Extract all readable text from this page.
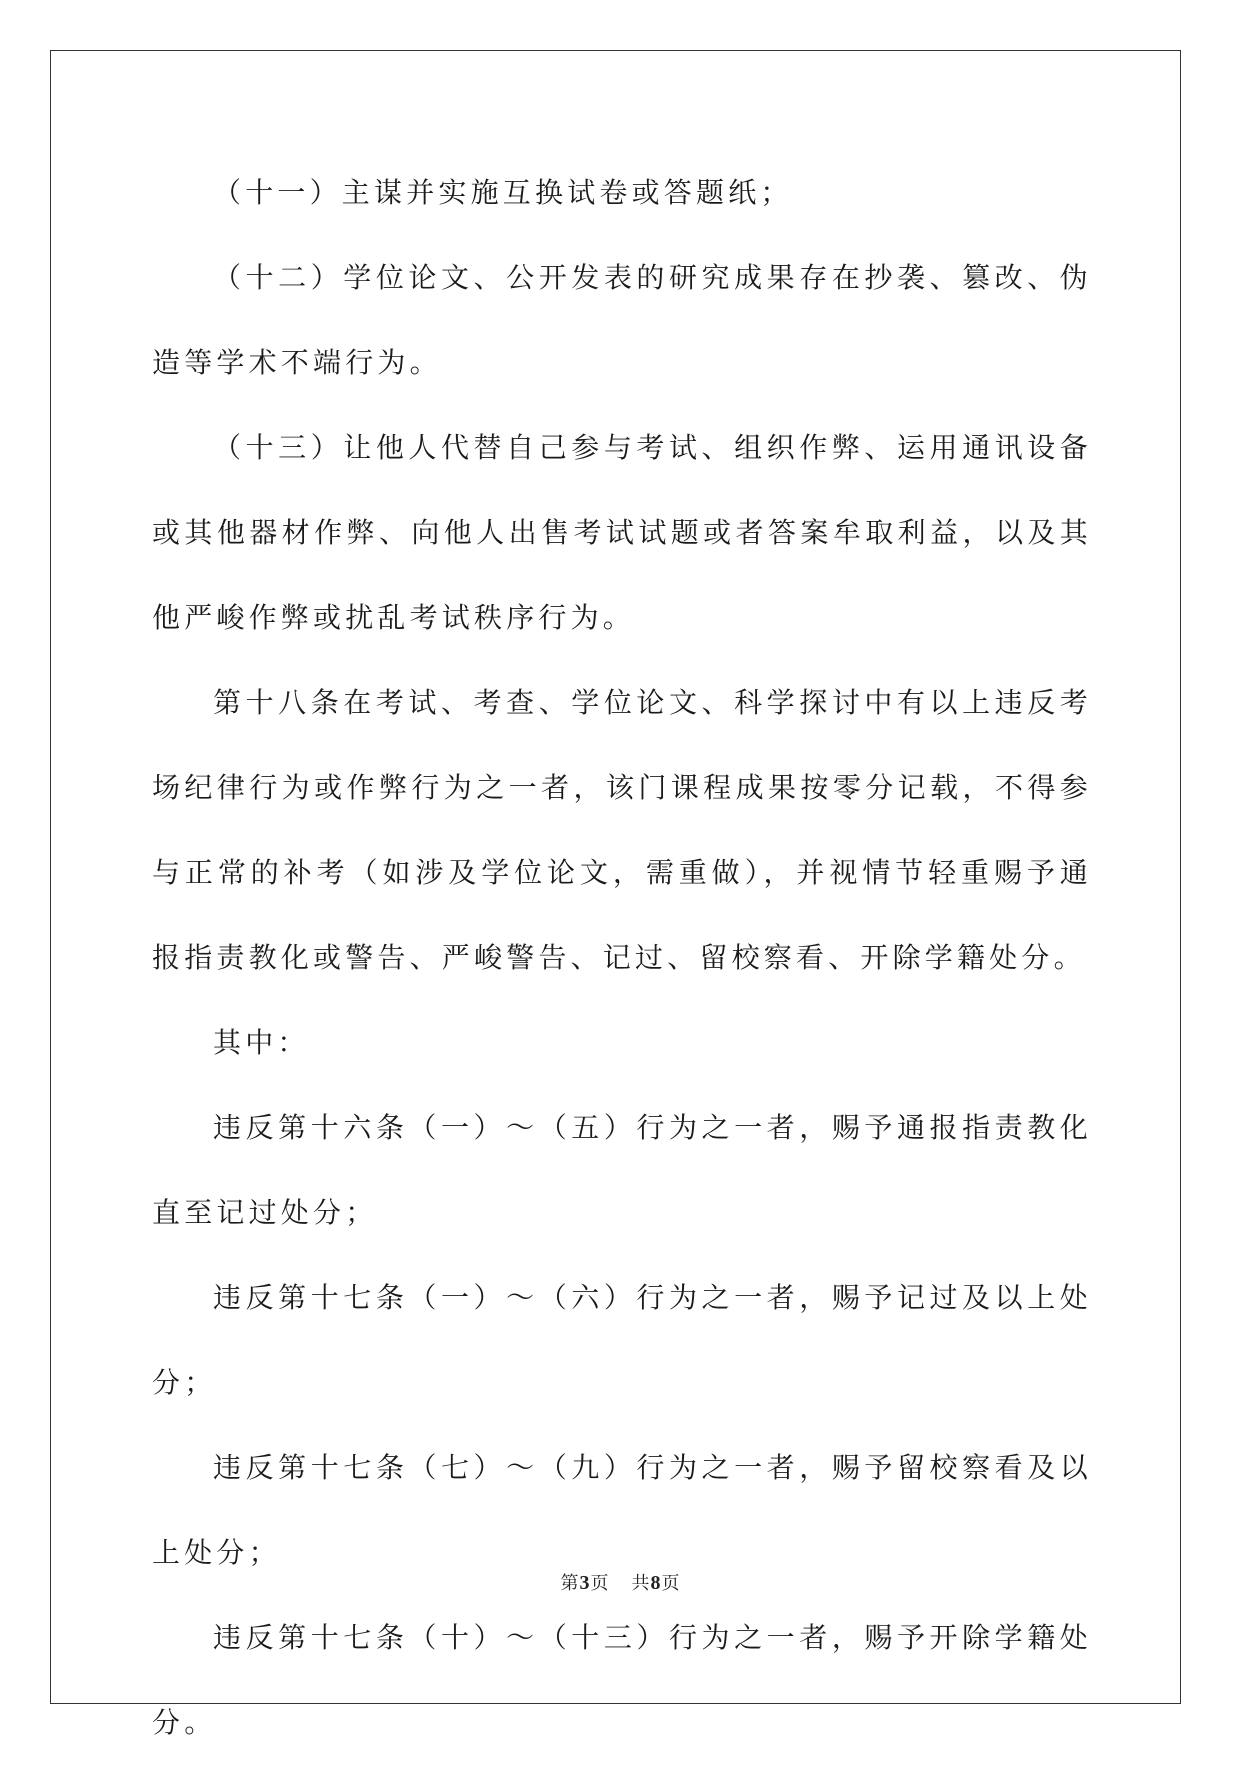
（十一）主谋并实施互换试卷或答题纸；

（十二）学位论文、公开发表的研究成果存在抄袭、篡改、伪造等学术不端行为。

（十三）让他人代替自己参与考试、组织作弊、运用通讯设备或其他器材作弊、向他人出售考试试题或者答案牟取利益，以及其他严峻作弊或扰乱考试秩序行为。

第十八条在考试、考查、学位论文、科学探讨中有以上违反考场纪律行为或作弊行为之一者，该门课程成果按零分记载，不得参与正常的补考（如涉及学位论文，需重做），并视情节轻重赐予通报指责教化或警告、严峻警告、记过、留校察看、开除学籍处分。

其中：

违反第十六条（一）～（五）行为之一者，赐予通报指责教化直至记过处分；

违反第十七条（一）～（六）行为之一者，赐予记过及以上处分；

违反第十七条（七）～（九）行为之一者，赐予留校察看及以上处分；

违反第十七条（十）～（十三）行为之一者，赐予开除学籍处分。

第3页 共8页
